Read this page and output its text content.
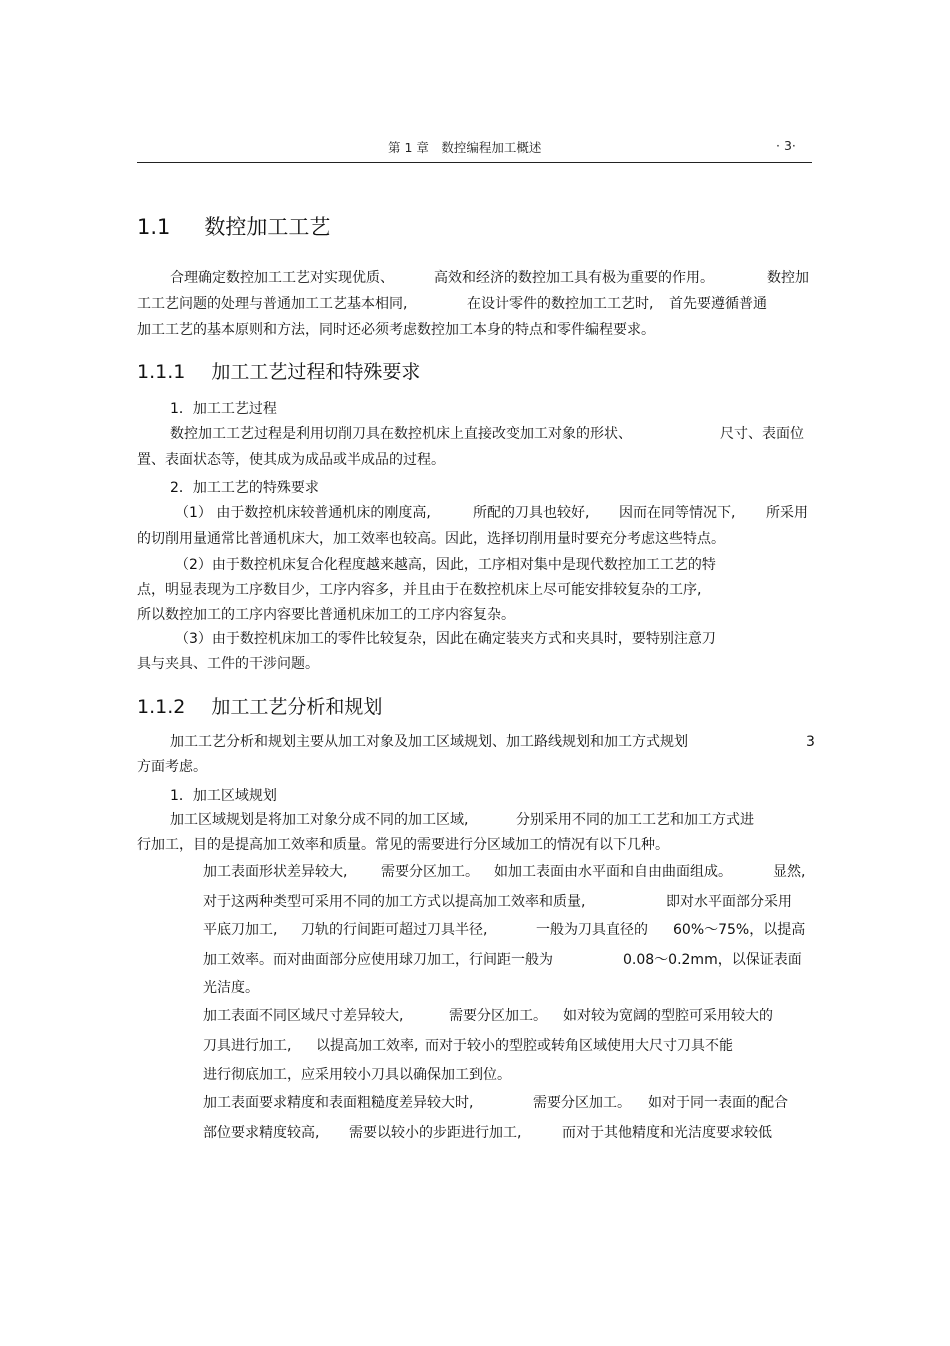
第 1 章　数控编程加工概述	· 3·
1.1 数控加工工艺
1.1.1 加工工艺过程和特殊要求
1.1.2 加工工艺分析和规划
合理确定数控加工工艺对实现优质、	高效和经济的数控加工具有极为重要的作用。	数控加
工工艺问题的处理与普通加工工艺基本相同,	在设计零件的数控加工工艺时, 首先要遵循普通
加工工艺的基本原则和方法，同时还必须考虑数控加工本身的特点和零件编程要求。
1．加工工艺过程
数控加工工艺过程是利用切削刀具在数控机床上直接改变加工对象的形状、	尺寸、表面位
置、表面状态等，使其成为成品或半成品的过程。
2．加工工艺的特殊要求
（1） 由于数控机床较普通机床的刚度高,	所配的刀具也较好, 因而在同等情况下, 所采用
的切削用量通常比普通机床大，加工效率也较高。因此，选择切削用量时要充分考虑这些特点。
（2）由于数控机床复合化程度越来越高，因此，工序相对集中是现代数控加工工艺的特
点，明显表现为工序数目少，工序内容多，并且由于在数控机床上尽可能安排较复杂的工序,
所以数控加工的工序内容要比普通机床加工的工序内容复杂。
（3）由于数控机床加工的零件比较复杂，因此在确定装夹方式和夹具时，要特别注意刀
具与夹具、工件的干涉问题。
加工工艺分析和规划主要从加工对象及加工区域规划、加工路线规划和加工方式规划	3
方面考虑。
1．加工区域规划
加工区域规划是将加工对象分成不同的加工区域,	分别采用不同的加工工艺和加工方式进
行加工，目的是提高加工效率和质量。常见的需要进行分区域加工的情况有以下几种。
加工表面形状差异较大, 需要分区加工。 如加工表面由水平面和自由曲面组成。	显然,
对于这两种类型可采用不同的加工方式以提高加工效率和质量,	即对水平面部分采用
平底刀加工, 刀轨的行间距可超过刀具半径,	一般为刀具直径的 60%～75%，以提高
加工效率。而对曲面部分应使用球刀加工，行间距一般为	0.08～0.2mm，以保证表面
光洁度。
加工表面不同区域尺寸差异较大,	需要分区加工。 如对较为宽阔的型腔可采用较大的
刀具进行加工, 以提高加工效率, 而对于较小的型腔或转角区域使用大尺寸刀具不能
进行彻底加工，应采用较小刀具以确保加工到位。
加工表面要求精度和表面粗糙度差异较大时,	需要分区加工。 如对于同一表面的配合
部位要求精度较高, 需要以较小的步距进行加工,	而对于其他精度和光洁度要求较低
